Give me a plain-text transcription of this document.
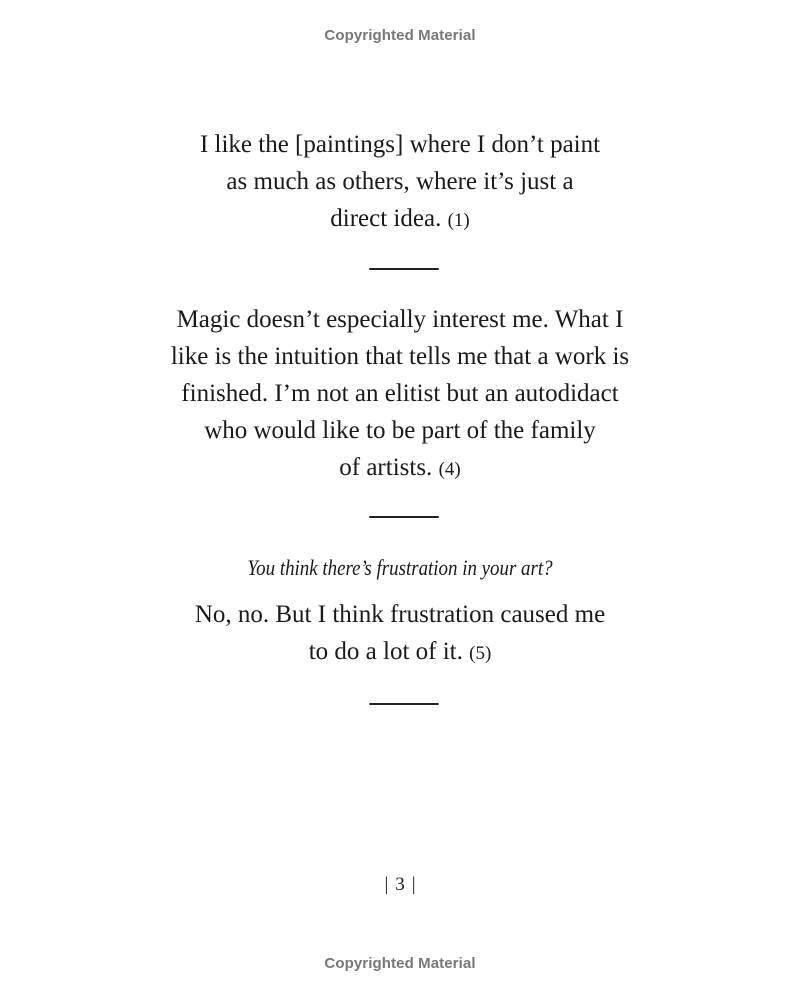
Copyrighted Material
I like the [paintings] where I don’t paint
as much as others, where it’s just a
direct idea. (1)
Magic doesn’t especially interest me. What I
like is the intuition that tells me that a work is
finished. I’m not an elitist but an autodidact
who would like to be part of the family
of artists. (4)
You think there’s frustration in your art?
No, no. But I think frustration caused me
to do a lot of it. (5)
| 3 |
Copyrighted Material
